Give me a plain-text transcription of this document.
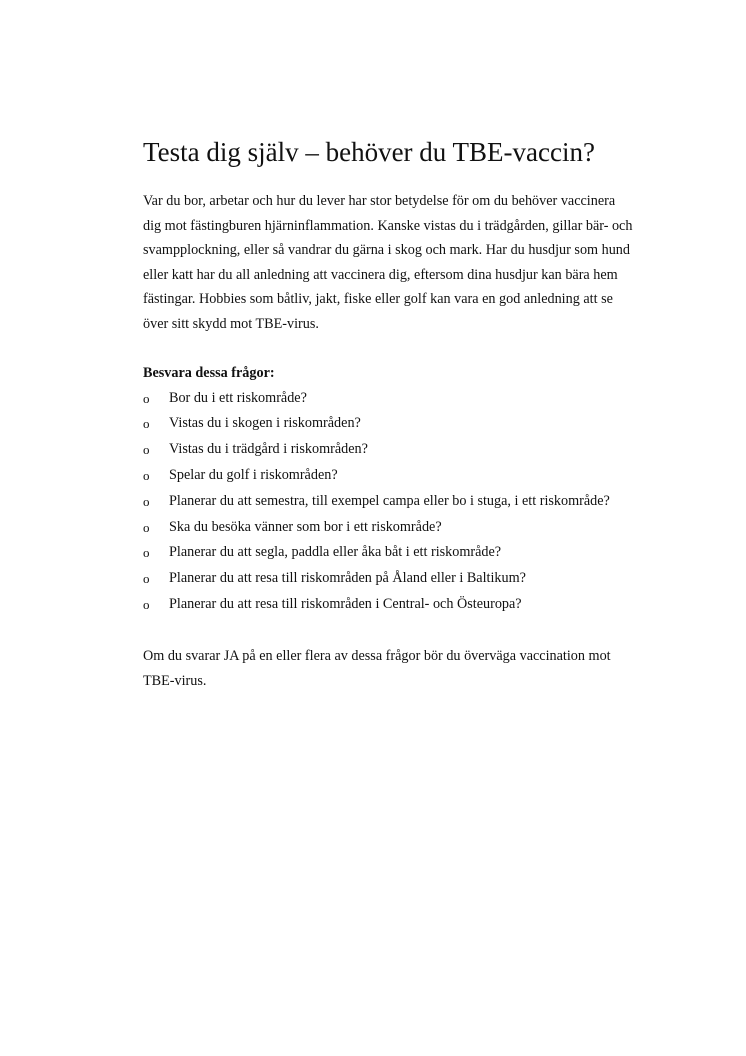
Testa dig själv – behöver du TBE-vaccin?

Var du bor, arbetar och hur du lever har stor betydelse för om du behöver vaccinera dig mot fästingburen hjärninflammation. Kanske vistas du i trädgården, gillar bär- och svampplockning, eller så vandrar du gärna i skog och mark. Har du husdjur som hund eller katt har du all anledning att vaccinera dig, eftersom dina husdjur kan bära hem fästingar. Hobbies som båtliv, jakt, fiske eller golf kan vara en god anledning att se över sitt skydd mot TBE-virus.

Besvara dessa frågor:

o Bor du i ett riskområde?
o Vistas du i skogen i riskområden?
o Vistas du i trädgård i riskområden?
o Spelar du golf i riskområden?
o Planerar du att semestra, till exempel campa eller bo i stuga, i ett riskområde?
o Ska du besöka vänner som bor i ett riskområde?
o Planerar du att segla, paddla eller åka båt i ett riskområde?
o Planerar du att resa till riskområden på Åland eller i Baltikum?
o Planerar du att resa till riskområden i Central- och Östeuropa?

Om du svarar JA på en eller flera av dessa frågor bör du överväga vaccination mot TBE-virus.
